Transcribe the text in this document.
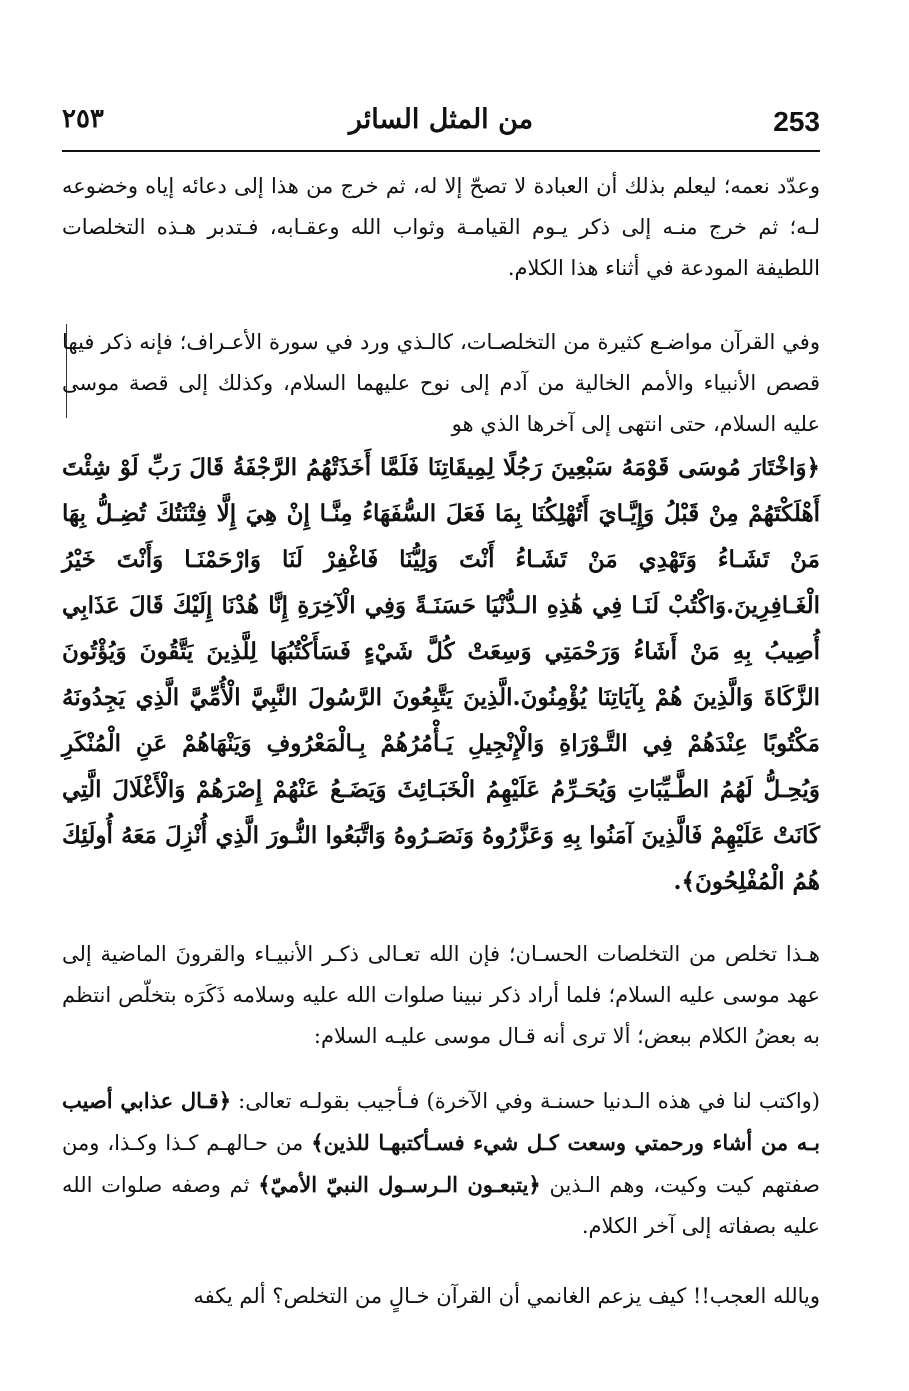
253
من المثل السائر
٢٥٣

وعدّد نعمه؛ ليعلم بذلك أن العبادة لا تصحّ إلا له، ثم خرج من هذا إلى دعائه إياه وخضوعه لـه؛ ثم خرج منـه إلى ذكر يـوم القيامـة وثواب الله وعقـابه، فـتدبر هـذه التخلصات اللطيفة المودعة في أثناء هذا الكلام.

وفي القرآن مواضـع كثيرة من التخلصـات، كالـذي ورد في سورة الأعـراف؛ فإنه ذكر فيها قصص الأنبياء والأمم الخالية من آدم إلى نوح عليهما السلام، وكذلك إلى قصة موسى عليه السلام، حتى انتهى إلى آخرها الذي هو

﴿وَاخْتَارَ مُوسَى قَوْمَهُ سَبْعِينَ رَجُلًا لِمِيقَاتِنَا فَلَمَّا أَخَذَتْهُمُ الرَّجْفَةُ قَالَ رَبِّ لَوْ شِئْتَ أَهْلَكْتَهُمْ مِنْ قَبْلُ وَإِيَّـايَ أَتُهْلِكُنَا بِمَا فَعَلَ السُّفَهَاءُ مِنَّـا إِنْ هِيَ إِلَّا فِتْنَتُكَ تُضِـلُّ بِهَا مَنْ تَشَـاءُ وَتَهْدِي مَنْ تَشَـاءُ أَنْتَ وَلِيُّنَا فَاغْفِرْ لَنَا وَارْحَمْنَـا وَأَنْتَ خَيْرُ الْغَـافِرِينَ.وَاكْتُبْ لَنَـا فِي هَٰذِهِ الـدُّنْيَا حَسَنَـةً وَفِي الْآخِرَةِ إِنَّا هُدْنَا إِلَيْكَ قَالَ عَذَابِي أُصِيبُ بِهِ مَنْ أَشَاءُ وَرَحْمَتِي وَسِعَتْ كُلَّ شَيْءٍ فَسَأَكْتُبُهَا لِلَّذِينَ يَتَّقُونَ وَيُؤْتُونَ الزَّكَاةَ وَالَّذِينَ هُمْ بِآيَاتِنَا يُؤْمِنُونَ.الَّذِينَ يَتَّبِعُونَ الرَّسُولَ النَّبِيَّ الْأُمِّيَّ الَّذِي يَجِدُونَهُ مَكْتُوبًا عِنْدَهُمْ فِي التَّـوْرَاةِ وَالْإِنْجِيلِ يَـأْمُرُهُمْ بِـالْمَعْرُوفِ وَيَنْهَاهُمْ عَنِ الْمُنْكَرِ وَيُحِـلُّ لَهُمُ الطَّـيِّبَاتِ وَيُحَـرِّمُ عَلَيْهِمُ الْخَبَـائِثَ وَيَضَـعُ عَنْهُمْ إِصْرَهُمْ وَالْأَغْلَالَ الَّتِي كَانَتْ عَلَيْهِمْ فَالَّذِينَ آمَنُوا بِهِ وَعَزَّرُوهُ وَنَصَـرُوهُ وَاتَّبَعُوا النُّـورَ الَّذِي أُنْزِلَ مَعَهُ أُولَئِكَ هُمُ الْمُفْلِحُونَ﴾.

هـذا تخلص من التخلصات الحسـان؛ فإن الله تعـالى ذكـر الأنبيـاء والقرونَ الماضية إلى عهد موسى عليه السلام؛ فلما أراد ذكر نبينا صلوات الله عليه وسلامه ذَكَرَه بتخلّص انتظم به بعضُ الكلام ببعض؛ ألا ترى أنه قـال موسى عليـه السلام:

(واكتب لنا في هذه الـدنيا حسنـة وفي الآخرة) فـأجيب بقولـه تعالى: ﴿قـال عذابي أصيب بـه من أشاء ورحمتي وسعت كـل شيء فسـأكتبهـا للذين﴾ من حـالهـم كـذا وكـذا، ومن صفتهم كيت وكيت، وهم الـذين ﴿يتبعـون الـرسـول النبيّ الأميّ﴾ ثم وصفه صلوات الله عليه بصفاته إلى آخر الكلام.

ويالله العجب!! كيف يزعم الغانمي أن القرآن خـالٍ من التخلص؟ ألم يكفه
